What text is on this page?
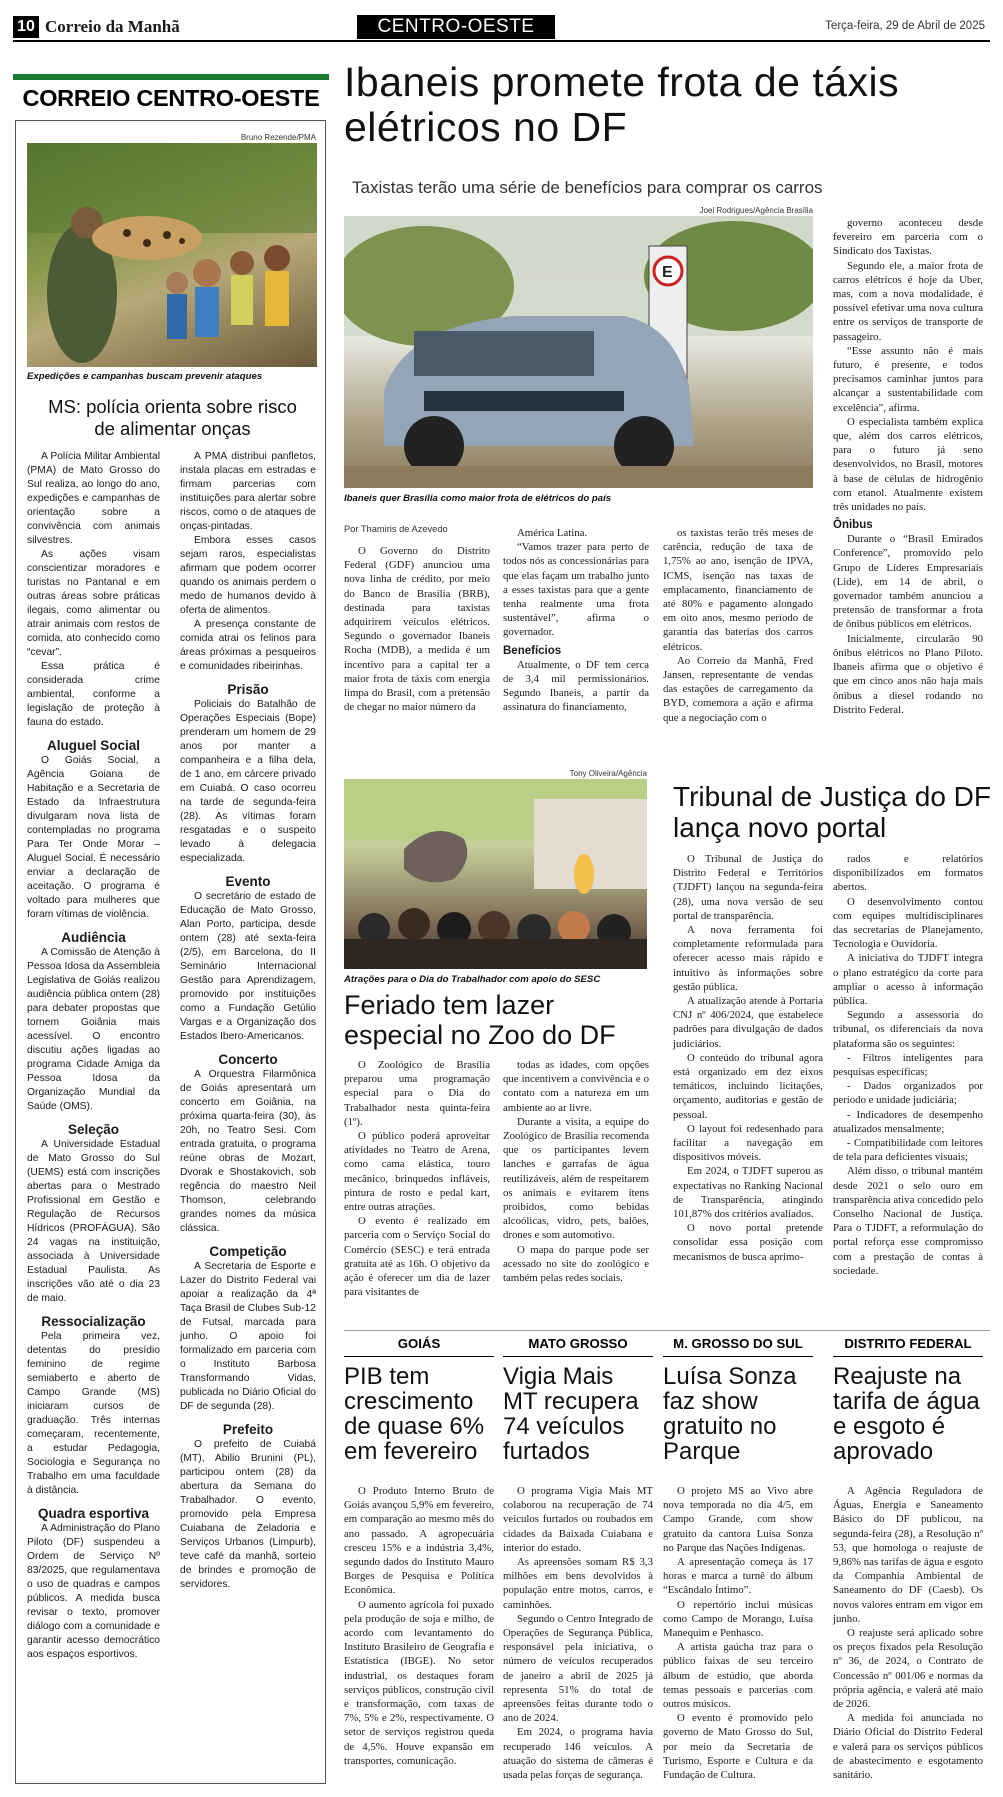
10 Correio da Manhã	CENTRO-OESTE	Terça-feira, 29 de Abril de 2025
CORREIO CENTRO-OESTE
Bruno Rezende/PMA
Expedições e campanhas buscam prevenir ataques
MS: polícia orienta sobre risco de alimentar onças

A Polícia Militar Ambiental (PMA) de Mato Grosso do Sul realiza, ao longo do ano, expedições e campanhas de orientação sobre a convivência com animais silvestres.

As ações visam conscientizar moradores e turistas no Pantanal e em outras áreas sobre práticas ilegais, como alimentar ou atrair animais com restos de comida, ato conhecido como “cevar”.

Essa prática é considerada crime ambiental, conforme a legislação de proteção à fauna do estado.

Aluguel Social

O Goiás Social, a Agência Goiana de Habitação e a Secretaria de Estado da Infraestrutura divulgaram nova lista de contempladas no programa Para Ter Onde Morar – Aluguel Social. É necessário enviar a declaração de aceitação. O programa é voltado para mulheres que foram vítimas de violência.

Audiência

A Comissão de Atenção à Pessoa Idosa da Assembleia Legislativa de Goiás realizou audiência pública ontem (28) para debater propostas que tornem Goiânia mais acessível. O encontro discutiu ações ligadas ao programa Cidade Amiga da Pessoa Idosa da Organização Mundial da Saúde (OMS).

Seleção

A Universidade Estadual de Mato Grosso do Sul (UEMS) está com inscrições abertas para o Mestrado Profissional em Gestão e Regulação de Recursos Hídricos (PROFÁGUA). São 24 vagas na instituição, associada à Universidade Estadual Paulista. As inscrições vão até o dia 23 de maio.

Ressocialização

Pela primeira vez, detentas do presídio feminino de regime semiaberto e aberto de Campo Grande (MS) iniciaram cursos de graduação. Três internas começaram, recentemente, a estudar Pedagogia, Sociologia e Segurança no Trabalho em uma faculdade à distância.

Quadra esportiva

A Administração do Plano Piloto (DF) suspendeu a Ordem de Serviço Nº 83/2025, que regulamentava o uso de quadras e campos públicos. A medida busca revisar o texto, promover diálogo com a comunidade e garantir acesso democrático aos espaços esportivos.

A PMA distribui panfletos, instala placas em estradas e firmam parcerias com instituições para alertar sobre riscos, como o de ataques de onças-pintadas.

Embora esses casos sejam raros, especialistas afirmam que podem ocorrer quando os animais perdem o medo de humanos devido à oferta de alimentos.

A presença constante de comida atrai os felinos para áreas próximas a pesqueiros e comunidades ribeirinhas.

Prisão

Policiais do Batalhão de Operações Especiais (Bope) prenderam um homem de 29 anos por manter a companheira e a filha dela, de 1 ano, em cárcere privado em Cuiabá. O caso ocorreu na tarde de segunda-feira (28). As vítimas foram resgatadas e o suspeito levado à delegacia especializada.

Evento

O secretário de estado de Educação de Mato Grosso, Alan Porto, participa, desde ontem (28) até sexta-feira (2/5), em Barcelona, do II Seminário Internacional Gestão para Aprendizagem, promovido por instituições como a Fundação Getúlio Vargas e a Organização dos Estados Ibero-Americanos.

Concerto

A Orquestra Filarmônica de Goiás apresentará um concerto em Goiânia, na próxima quarta-feira (30), às 20h, no Teatro Sesi. Com entrada gratuita, o programa reúne obras de Mozart, Dvorak e Shostakovich, sob regência do maestro Neil Thomson, celebrando grandes nomes da música clássica.

Competição

A Secretaria de Esporte e Lazer do Distrito Federal vai apoiar a realização da 4ª Taça Brasil de Clubes Sub-12 de Futsal, marcada para junho. O apoio foi formalizado em parceria com o Instituto Barbosa Transformando Vidas, publicada no Diário Oficial do DF de segunda (28).

Prefeito

O prefeito de Cuiabá (MT), Abilio Brunini (PL), participou ontem (28) da abertura da Semana do Trabalhador. O evento, promovido pela Empresa Cuiabana de Zeladoria e Serviços Urbanos (Limpurb), teve café da manhã, sorteio de brindes e promoção de servidores.

Ibaneis promete frota de táxis elétricos no DF
Taxistas terão uma série de benefícios para comprar os carros
Joel Rodrigues/Agência Brasília
E
Ibaneis quer Brasília como maior frota de elétricos do país
Por Thamiris de Azevedo

O Governo do Distrito Federal (GDF) anunciou uma nova linha de crédito, por meio do Banco de Brasília (BRB), destinada para taxistas adquirirem veículos elétricos. Segundo o governador Ibaneis Rocha (MDB), a medida é um incentivo para a capital ter a maior frota de táxis com energia limpa do Brasil, com a pretensão de chegar no maior número da

América Latina.

“Vamos trazer para perto de todos nós as concessionárias para que elas façam um trabalho junto a esses taxistas para que a gente tenha realmente uma frota sustentável”, afirma o governador.

Benefícios

Atualmente, o DF tem cerca de 3,4 mil permissionários. Segundo Ibaneis, a partir da assinatura do financiamento,

os taxistas terão três meses de carência, redução de taxa de 1,75% ao ano, isenção de IPVA, ICMS, isenção nas taxas de emplacamento, financiamento de até 80% e pagamento alongado em oito anos, mesmo período de garantia das baterias dos carros elétricos.

Ao Correio da Manhã, Fred Jansen, representante de vendas das estações de carregamento da BYD, comemora a ação e afirma que a negociação com o

governo aconteceu desde fevereiro em parceria com o Sindicato dos Taxistas.

Segundo ele, a maior frota de carros elétricos é hoje da Uber, mas, com a nova modalidade, é possível efetivar uma nova cultura entre os serviços de transporte de passageiro.

“Esse assunto não é mais futuro, é presente, e todos precisamos caminhar juntos para alcançar a sustentabilidade com excelência”, afirma.

O especialista também explica que, além dos carros elétricos, para o futuro já seno desenvolvidos, no Brasil, motores à base de células de hidrogênio com etanol. Atualmente existem três unidades no país.

Ônibus

Durante o “Brasil Emirados Conference”, promovido pelo Grupo de Líderes Empresariais (Lide), em 14 de abril, o governador também anunciou a pretensão de transformar a frota de ônibus públicos em elétricos.

Inicialmente, circularão 90 ônibus elétricos no Plano Piloto. Ibaneis afirma que o objetivo é que em cinco anos não haja mais ônibus a diesel rodando no Distrito Federal.

Tony Oliveira/Agência
Atrações para o Dia do Trabalhador com apoio do SESC
Feriado tem lazer especial no Zoo do DF

O Zoológico de Brasília preparou uma programação especial para o Dia do Trabalhador nesta quinta-feira (1º).

O público poderá aproveitar atividades no Teatro de Arena, como cama elástica, touro mecânico, brinquedos infláveis, pintura de rosto e pedal kart, entre outras atrações.

O evento é realizado em parceria com o Serviço Social do Comércio (SESC) e terá entrada gratuita até as 16h. O objetivo da ação é oferecer um dia de lazer para visitantes de

todas as idades, com opções que incentivem a convivência e o contato com a natureza em um ambiente ao ar livre.

Durante a visita, a equipe do Zoológico de Brasília recomenda que os participantes levem lanches e garrafas de água reutilizáveis, além de respeitarem os animais e evitarem itens proibidos, como bebidas alcoólicas, vidro, pets, balões, drones e som automotivo.

O mapa do parque pode ser acessado no site do zoológico e também pelas redes sociais.

Tribunal de Justiça do DF lança novo portal

O Tribunal de Justiça do Distrito Federal e Territórios (TJDFT) lançou na segunda-feira (28), uma nova versão de seu portal de transparência.

A nova ferramenta foi completamente reformulada para oferecer acesso mais rápido e intuitivo às informações sobre gestão pública.

A atualização atende à Portaria CNJ nº 406/2024, que estabelece padrões para divulgação de dados judiciários.

O conteúdo do tribunal agora está organizado em dez eixos temáticos, incluindo licitações, orçamento, auditorias e gestão de pessoal.

O layout foi redesenhado para facilitar a navegação em dispositivos móveis.

Em 2024, o TJDFT superou as expectativas no Ranking Nacional de Transparência, atingindo 101,87% dos critérios avaliados.

O novo portal pretende consolidar essa posição com mecanismos de busca aprimo-

rados e relatórios disponibilizados em formatos abertos.

O desenvolvimento contou com equipes multidisciplinares das secretarias de Planejamento, Tecnologia e Ouvidoria.

A iniciativa do TJDFT integra o plano estratégico da corte para ampliar o acesso à informação pública.

Segundo a assessoria do tribunal, os diferenciais da nova plataforma são os seguintes:

- Filtros inteligentes para pesquisas específicas;

- Dados organizados por período e unidade judiciária;

- Indicadores de desempenho atualizados mensalmente;

- Compatibilidade com leitores de tela para deficientes visuais;

Além disso, o tribunal mantém desde 2021 o selo ouro em transparência ativa concedido pelo Conselho Nacional de Justiça. Para o TJDFT, a reformulação do portal reforça esse compromisso com a prestação de contas à sociedade.

GOIÁS
PIB tem crescimento de quase 6% em fevereiro

O Produto Interno Bruto de Goiás avançou 5,9% em fevereiro, em comparação ao mesmo mês do ano passado. A agropecuária cresceu 15% e a indústria 3,4%, segundo dados do Instituto Mauro Borges de Pesquisa e Política Econômica.

O aumento agrícola foi puxado pela produção de soja e milho, de acordo com levantamento do Instituto Brasileiro de Geografia e Estatística (IBGE). No setor industrial, os destaques foram serviços públicos, construção civil e transformação, com taxas de 7%, 5% e 2%, respectivamente. O setor de serviços registrou queda de 4,5%. Houve expansão em transportes, comunicação.

MATO GROSSO
Vigia Mais MT recupera 74 veículos furtados

O programa Vigia Mais MT colaborou na recuperação de 74 veículos furtados ou roubados em cidades da Baixada Cuiabana e interior do estado.

As apreensões somam R$ 3,3 milhões em bens devolvidos à população entre motos, carros, e caminhões.

Segundo o Centro Integrado de Operações de Segurança Pública, responsável pela iniciativa, o número de veículos recuperados de janeiro a abril de 2025 já representa 51% do total de apreensões feitas durante todo o ano de 2024.

Em 2024, o programa havia recuperado 146 veículos. A atuação do sistema de câmeras é usada pelas forças de segurança.

M. GROSSO DO SUL
Luísa Sonza faz show gratuito no Parque

O projeto MS ao Vivo abre nova temporada no dia 4/5, em Campo Grande, com show gratuito da cantora Luísa Sonza no Parque das Nações Indígenas.

A apresentação começa às 17 horas e marca a turnê do álbum “Escândalo Íntimo”.

O repertório inclui músicas como Campo de Morango, Luísa Manequim e Penhasco.

A artista gaúcha traz para o público faixas de seu terceiro álbum de estúdio, que aborda temas pessoais e parcerias com outros músicos.

O evento é promovido pelo governo de Mato Grosso do Sul, por meio da Secretaria de Turismo, Esporte e Cultura e da Fundação de Cultura.

DISTRITO FEDERAL
Reajuste na tarifa de água e esgoto é aprovado

A Agência Reguladora de Águas, Energia e Saneamento Básico do DF publicou, na segunda-feira (28), a Resolução nº 53, que homologa o reajuste de 9,86% nas tarifas de água e esgoto da Companhia Ambiental de Saneamento do DF (Caesb). Os novos valores entram em vigor em junho.

O reajuste será aplicado sobre os preços fixados pela Resolução nº 36, de 2024, o Contrato de Concessão nº 001/06 e normas da própria agência, e valerá até maio de 2026.

A medida foi anunciada no Diário Oficial do Distrito Federal e valerá para os serviços públicos de abastecimento e esgotamento sanitário.
